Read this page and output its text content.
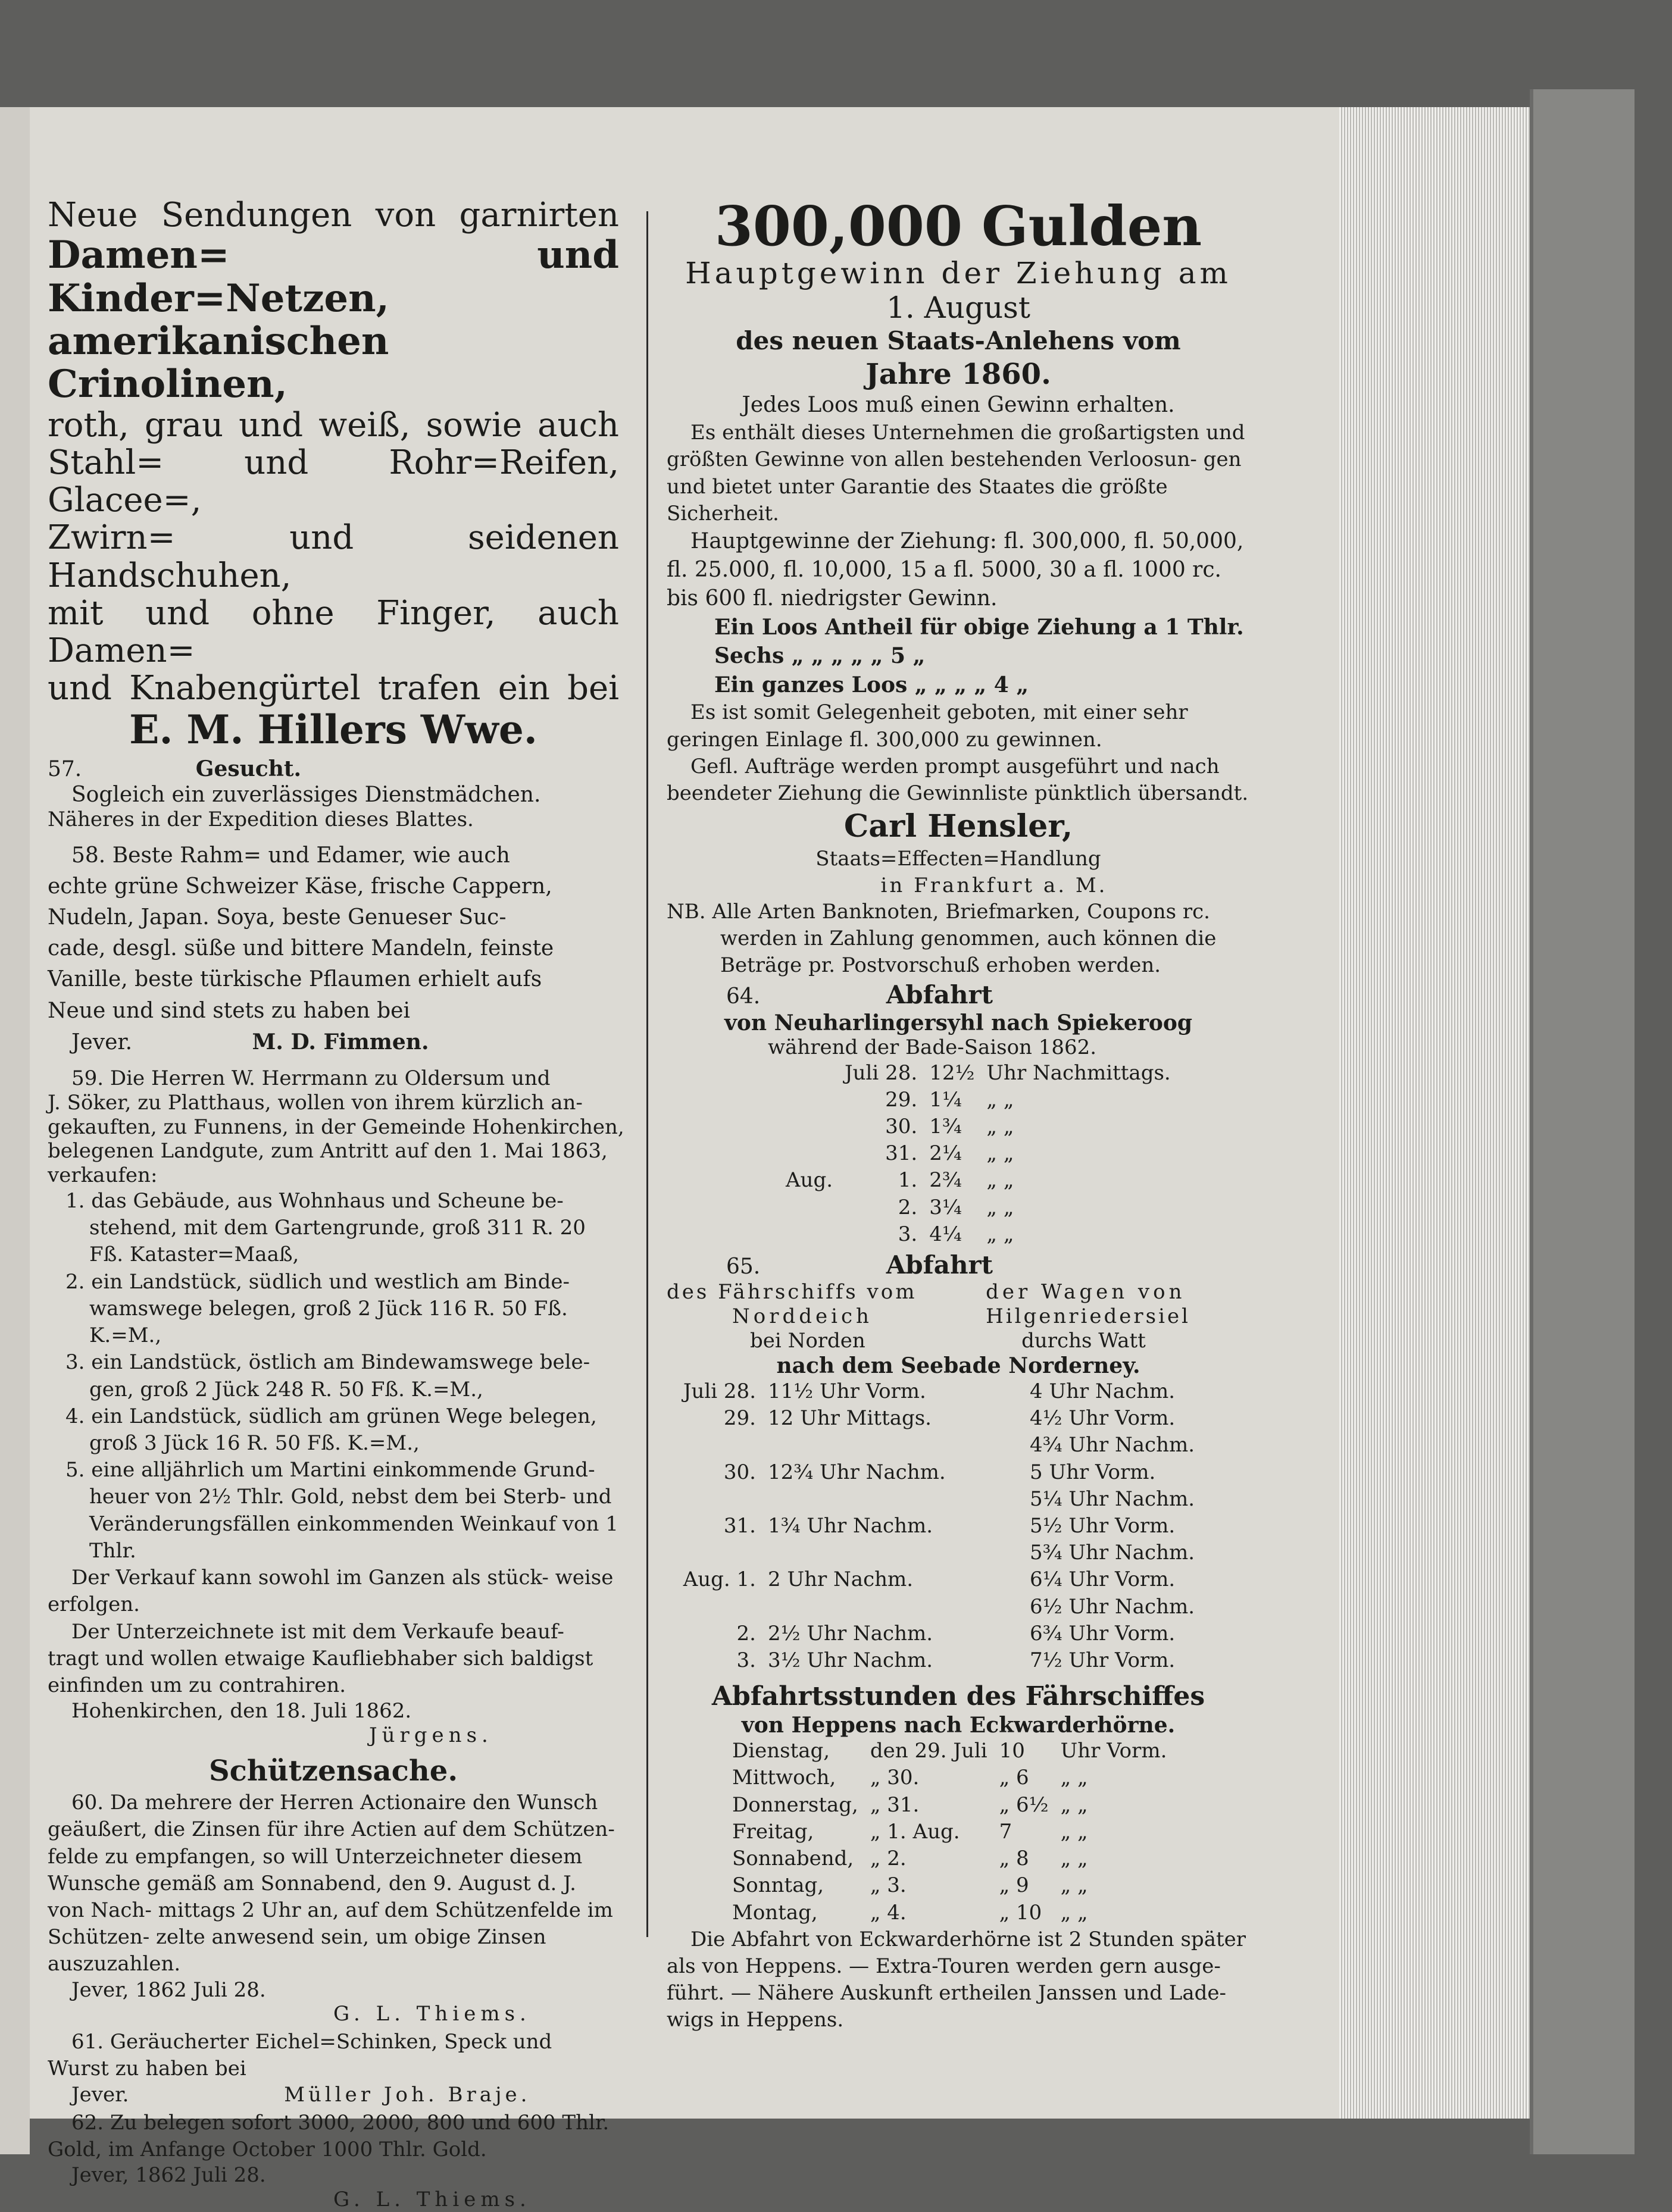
Neue Sendungen von garnirten

Damen= und Kinder=Netzen,

amerikanischen Crinolinen,

roth, grau und weiß, sowie auch

Stahl= und Rohr=Reifen, Glacee=,

Zwirn= und seidenen Handschuhen,

mit und ohne Finger, auch Damen=

und Knabengürtel trafen ein bei

E. M. Hillers Wwe.

57.	Gesucht.
Sogleich ein zuverlässiges Dienstmädchen.
Näheres in der Expedition dieses Blattes.
58. Beste Rahm= und Edamer, wie auch
echte grüne Schweizer Käse, frische Cappern,
Nudeln, Japan. Soya, beste Genueser Suc-
cade, desgl. süße und bittere Mandeln, feinste
Vanille, beste türkische Pflaumen erhielt aufs
Neue und sind stets zu haben bei
Jever.	M. D. Fimmen.
59. Die Herren W. Herrmann zu Oldersum und
J. Söker, zu Platthaus, wollen von ihrem kürzlich an-
gekauften, zu Funnens, in der Gemeinde Hohenkirchen,
belegenen Landgute, zum Antritt auf den 1. Mai 1863,
verkaufen:

1. das Gebäude, aus Wohnhaus und Scheune be- stehend, mit dem Gartengrunde, groß 311 R. 20 Fß. Kataster=Maaß,

2. ein Landstück, südlich und westlich am Binde- wamswege belegen, groß 2 Jück 116 R. 50 Fß. K.=M.,

3. ein Landstück, östlich am Bindewamswege bele- gen, groß 2 Jück 248 R. 50 Fß. K.=M.,

4. ein Landstück, südlich am grünen Wege belegen, groß 3 Jück 16 R. 50 Fß. K.=M.,

5. eine alljährlich um Martini einkommende Grund- heuer von 2½ Thlr. Gold, nebst dem bei Sterb- und Veränderungsfällen einkommenden Weinkauf von 1 Thlr.

Der Verkauf kann sowohl im Ganzen als stück- weise erfolgen.

Der Unterzeichnete ist mit dem Verkaufe beauf- tragt und wollen etwaige Kaufliebhaber sich baldigst einfinden um zu contrahiren.

Hohenkirchen, den 18. Juli 1862.
Jürgens.
Schützensache.

60. Da mehrere der Herren Actionaire den Wunsch geäußert, die Zinsen für ihre Actien auf dem Schützen- felde zu empfangen, so will Unterzeichneter diesem Wunsche gemäß am Sonnabend, den 9. August d. J. von Nach- mittags 2 Uhr an, auf dem Schützenfelde im Schützen- zelte anwesend sein, um obige Zinsen auszuzahlen.

Jever, 1862 Juli 28.
G. L. Thiems.

61. Geräucherter Eichel=Schinken, Speck und Wurst zu haben bei

Jever.	Müller Joh. Braje.

62. Zu belegen sofort 3000, 2000, 800 und 600 Thlr. Gold, im Anfange October 1000 Thlr. Gold.

Jever, 1862 Juli 28.
G. L. Thiems.

300,000 Gulden

Hauptgewinn der Ziehung am
1. August
des neuen Staats-Anlehens vom
Jahre 1860.
Jedes Loos muß einen Gewinn erhalten.

Es enthält dieses Unternehmen die großartigsten und größten Gewinne von allen bestehenden Verloosun- gen und bietet unter Garantie des Staates die größte Sicherheit.

Hauptgewinne der Ziehung: fl. 300,000, fl. 50,000, fl. 25.000, fl. 10,000, 15 a fl. 5000, 30 a fl. 1000 rc. bis 600 fl. niedrigster Gewinn.

Ein Loos Antheil für obige Ziehung a 1 Thlr.
Sechs „ „ „ „ „ 5 „
Ein ganzes Loos „ „ „ „ 4 „

Es ist somit Gelegenheit geboten, mit einer sehr geringen Einlage fl. 300,000 zu gewinnen.

Gefl. Aufträge werden prompt ausgeführt und nach beendeter Ziehung die Gewinnliste pünktlich übersandt.

Carl Hensler,
Staats=Effecten=Handlung
in Frankfurt a. M.

NB. Alle Arten Banknoten, Briefmarken, Coupons rc. werden in Zahlung genommen, auch können die Beträge pr. Postvorschuß erhoben werden.

64.	Abfahrt
von Neuharlingersyhl nach Spiekeroog
während der Bade-Saison 1862.
	Juli 28.	12½	Uhr Nachmittags.
	29.	1¼	„ „
	30.	1¾	„ „
	31.	2¼	„ „
Aug.	1.	2¾	„ „
	2.	3¼	„ „
	3.	4¼	„ „
65.	Abfahrt
des Fährschiffs vom
Norddeich
bei Norden
der Wagen von
Hilgenriedersiel
durchs Watt
nach dem Seebade Norderney.
Juli 28.	11½ Uhr Vorm.	4 Uhr Nachm.
29.	12 Uhr Mittags.	4½ Uhr Vorm.
		4¾ Uhr Nachm.
30.	12¾ Uhr Nachm.	5 Uhr Vorm.
		5¼ Uhr Nachm.
31.	1¾ Uhr Nachm.	5½ Uhr Vorm.
		5¾ Uhr Nachm.
Aug. 1.	2 Uhr Nachm.	6¼ Uhr Vorm.
		6½ Uhr Nachm.
2.	2½ Uhr Nachm.	6¾ Uhr Vorm.
3.	3½ Uhr Nachm.	7½ Uhr Vorm.
Abfahrtsstunden des Fährschiffes
von Heppens nach Eckwarderhörne.
Dienstag,	den 29. Juli	10	Uhr Vorm.
Mittwoch,	„ 30.	„ 6	„ „
Donnerstag,	„ 31.	„ 6½	„ „
Freitag,	„ 1. Aug.	7	„ „
Sonnabend,	„ 2.	„ 8	„ „
Sonntag,	„ 3.	„ 9	„ „
Montag,	„ 4.	„ 10	„ „

Die Abfahrt von Eckwarderhörne ist 2 Stunden später als von Heppens. — Extra-Touren werden gern ausge- führt. — Nähere Auskunft ertheilen Janssen und Lade- wigs in Heppens.
